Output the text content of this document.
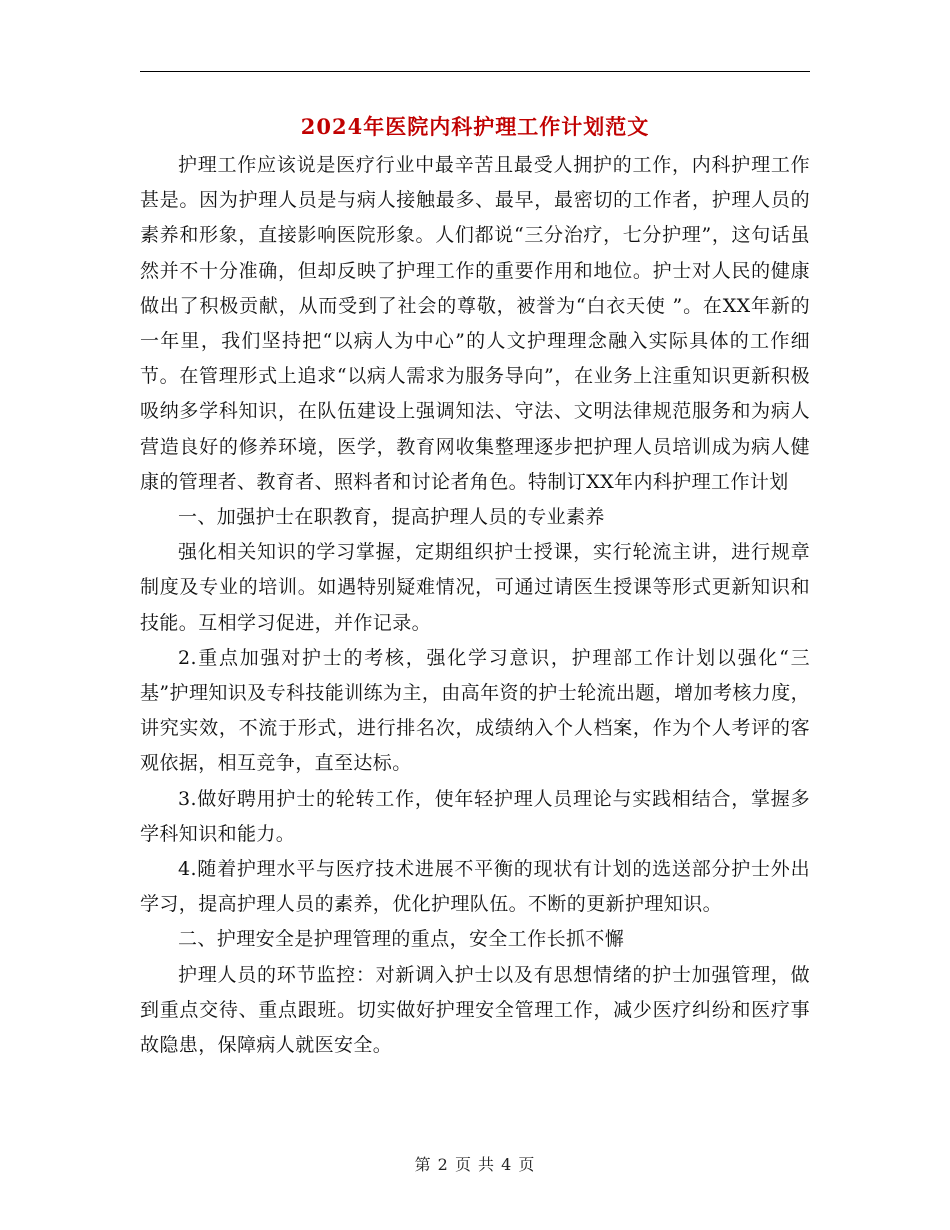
2024年医院内科护理工作计划范文

护理工作应该说是医疗行业中最辛苦且最受人拥护的工作，内科护理工作甚是。因为护理人员是与病人接触最多、最早，最密切的工作者，护理人员的素养和形象，直接影响医院形象。人们都说“三分治疗，七分护理”，这句话虽然并不十分准确，但却反映了护理工作的重要作用和地位。护士对人民的健康做出了积极贡献，从而受到了社会的尊敬，被誉为“白衣天使 ”。在XX年新的一年里，我们坚持把“以病人为中心”的人文护理理念融入实际具体的工作细节。在管理形式上追求“以病人需求为服务导向”，在业务上注重知识更新积极吸纳多学科知识，在队伍建设上强调知法、守法、文明法律规范服务和为病人营造良好的修养环境，医学，教育网收集整理逐步把护理人员培训成为病人健康的管理者、教育者、照料者和讨论者角色。特制订XX年内科护理工作计划

一、加强护士在职教育，提高护理人员的专业素养

强化相关知识的学习掌握，定期组织护士授课，实行轮流主讲，进行规章制度及专业的培训。如遇特别疑难情况，可通过请医生授课等形式更新知识和技能。互相学习促进，并作记录。

2.重点加强对护士的考核，强化学习意识，护理部工作计划以强化“三基”护理知识及专科技能训练为主，由高年资的护士轮流出题，增加考核力度，讲究实效，不流于形式，进行排名次，成绩纳入个人档案，作为个人考评的客观依据，相互竞争，直至达标。

3.做好聘用护士的轮转工作，使年轻护理人员理论与实践相结合，掌握多学科知识和能力。

4.随着护理水平与医疗技术进展不平衡的现状有计划的选送部分护士外出学习，提高护理人员的素养，优化护理队伍。不断的更新护理知识。

二、护理安全是护理管理的重点，安全工作长抓不懈

护理人员的环节监控：对新调入护士以及有思想情绪的护士加强管理，做到重点交待、重点跟班。切实做好护理安全管理工作，减少医疗纠纷和医疗事故隐患，保障病人就医安全。

第 2 页 共 4 页
